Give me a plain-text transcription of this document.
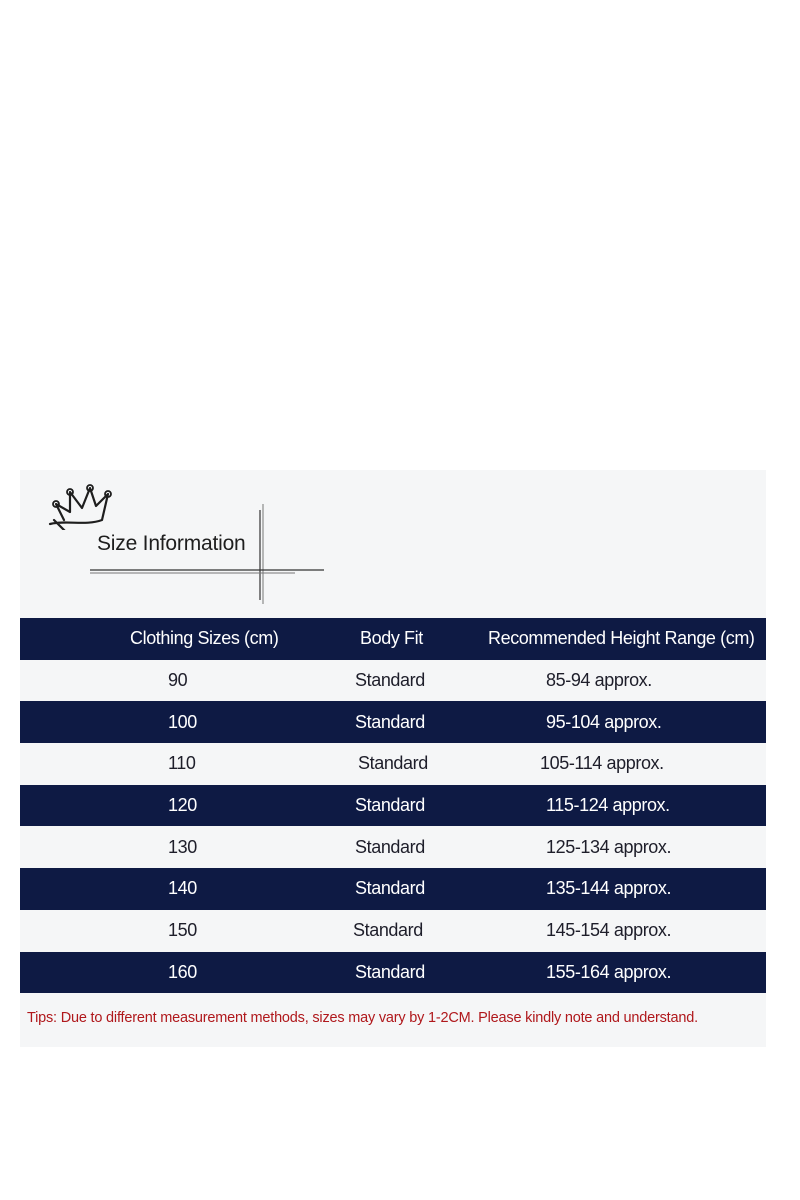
Size Information
Clothing Sizes (cm)	Body Fit	Recommended Height Range (cm)
90	Standard	85-94 approx.
100	Standard	95-104 approx.
110	Standard	105-114 approx.
120	Standard	115-124 approx.
130	Standard	125-134 approx.
140	Standard	135-144 approx.
150	Standard	145-154 approx.
160	Standard	155-164 approx.
Tips: Due to different measurement methods, sizes may vary by 1-2CM. Please kindly note and understand.
